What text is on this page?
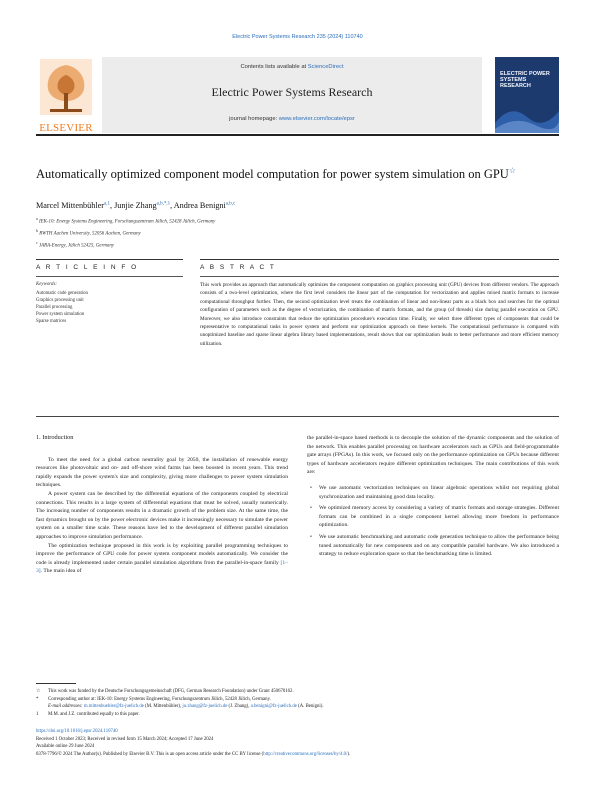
Electric Power Systems Research 235 (2024) 110740
ELSEVIER
Contents lists available at ScienceDirect
Electric Power Systems Research
journal homepage: www.elsevier.com/locate/epsr
ELECTRIC POWER SYSTEMS RESEARCH
Automatically optimized component model computation for power system simulation on GPU☆
Marcel Mittenbühler$^{a,1}$, Junjie Zhang$^{a,b,*,1}$, Andrea Benigni$^{a,b,c}$
$^a$ IEK-10: Energy Systems Engineering, Forschungszentrum Jülich, 52428 Jülich, Germany
$^b$ RWTH Aachen University, 52056 Aachen, Germany
$^c$ JARA-Energy, Jülich 52425, Germany
A R T I C L E I N F O	A B S T R A C T
Keywords:
Automatic code generation
Graphics processing unit
Parallel processing
Power system simulation
Sparse matrices
This work provides an approach that automatically optimizes the component computation on graphics processing unit (GPU) devices from different vendors. The approach consists of a two-level optimization, where the first level considers the linear part of the computation for vectorization and applies mixed matrix formats to increase computational throughput further. Then, the second optimization level treats the combination of linear and non-linear parts as a black box and searches for the optimal configuration of parameters such as the degree of vectorization, the combination of matrix formats, and the group (of threads) size during parallel execution on GPU. Moreover, we also introduce constraints that reduce the optimization procedure's execution time. Finally, we select three different types of components that could be representative to computational tasks in power system and perform our optimization approach on these kernels. The computational performance is compared with unoptimized baseline and sparse linear algebra library based implementations, result shows that our optimization leads to better performance and more efficient memory utilization.
1. Introduction

To meet the need for a global carbon neutrality goal by 2050, the installation of renewable energy resources like photovoltaic and on- and off-shore wind farms has been boosted in recent years. This trend rapidly expands the power system's size and complexity, giving more challenges to power system simulation techniques.

A power system can be described by the differential equations of the components coupled by electrical connections. This results in a large system of differential equations that must be solved, usually numerically. The increasing number of components results in a dramatic growth of the problem size. At the same time, the fast dynamics brought on by the power electronic devices make it increasingly necessary to simulate the power system on a smaller time scale. These reasons have led to the development of different parallel simulation approaches to improve simulation performance.

The optimization technique proposed in this work is by exploiting parallel programming techniques to improve the performance of GPU code for power system component models automatically. We consider the code is already implemented under certain parallel simulation algorithms from the parallel-in-space family [1–3]. The main idea of

the parallel-in-space based methods is to decouple the solution of the dynamic components and the solution of the network. This enables parallel processing on hardware accelerators such as GPUs and field-programmable gate arrays (FPGAs). In this work, we focused only on the performance optimization on GPUs because different types of hardware accelerators require different optimization techniques. The main contributions of this work are:

• We use automatic vectorization techniques on linear algebraic operations whilst not requiring global synchronization and maintaining good data locality.
• We optimized memory access by considering a variety of matrix formats and storage strategies. Different formats can be combined in a single component kernel allowing more freedom in performance optimization.
• We use automatic benchmarking and automatic code generation technique to allow the performance being tuned automatically for new components and on any compatible parallel hardware. We also introduced a strategy to reduce exploration space so that the benchmarking time is limited.
☆ This work was funded by the Deutsche Forschungsgemeinschaft (DFG, German Research Foundation) under Grant 450670162.
* Corresponding author at: IEK-10: Energy Systems Engineering, Forschungszentrum Jülich, 52428 Jülich, Germany.
E-mail addresses: m.mittenbuehler@fz-juelich.de (M. Mittenbühler), ju.zhang@fz-juelich.de (J. Zhang), a.benigni@fz-juelich.de (A. Benigni).
1 M.M. and J.Z. contributed equally to this paper.
https://doi.org/10.1016/j.epsr.2024.110740
Received 1 October 2023; Received in revised form 15 March 2024; Accepted 17 June 2024
Available online 29 June 2024
0378-7796/© 2024 The Author(s). Published by Elsevier B.V. This is an open access article under the CC BY license (http://creativecommons.org/licenses/by/4.0/).
